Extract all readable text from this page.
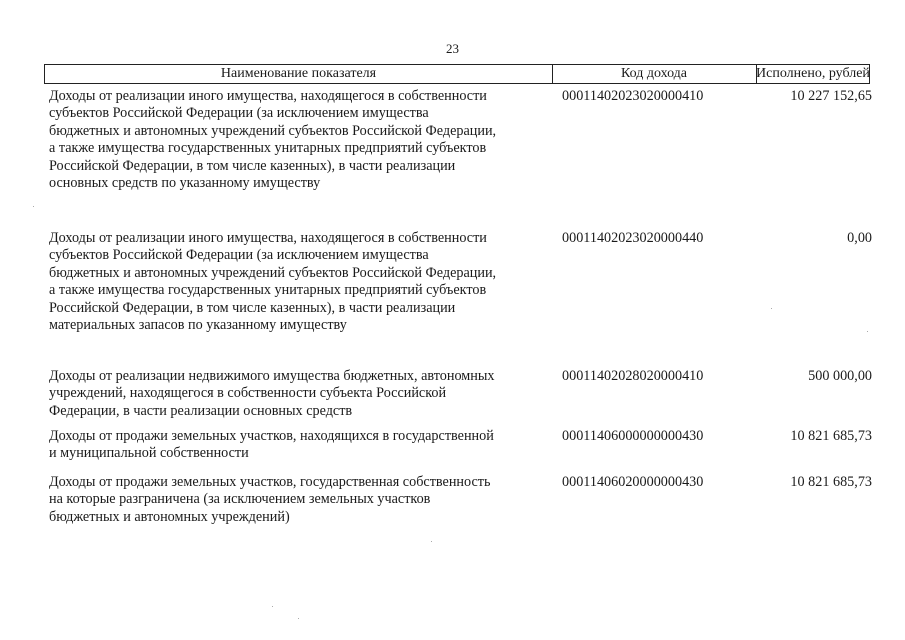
23
Наименование показателя	Код дохода	Исполнено, рублей
Доходы от реализации иного имущества, находящегося в собственности
субъектов Российской Федерации (за исключением имущества
бюджетных и автономных учреждений субъектов Российской Федерации,
а также имущества государственных унитарных предприятий субъектов
Российской Федерации, в том числе казенных), в части реализации
основных средств по указанному имуществу
00011402023020000410	10 227 152,65
Доходы от реализации иного имущества, находящегося в собственности
субъектов Российской Федерации (за исключением имущества
бюджетных и автономных учреждений субъектов Российской Федерации,
а также имущества государственных унитарных предприятий субъектов
Российской Федерации, в том числе казенных), в части реализации
материальных запасов по указанному имуществу
00011402023020000440	0,00
Доходы от реализации недвижимого имущества бюджетных, автономных
учреждений, находящегося в собственности субъекта Российской
Федерации, в части реализации основных средств
00011402028020000410	500 000,00
Доходы от продажи земельных участков, находящихся в государственной
и муниципальной собственности
00011406000000000430	10 821 685,73
Доходы от продажи земельных участков, государственная собственность
на которые разграничена (за исключением земельных участков
бюджетных и автономных учреждений)
00011406020000000430	10 821 685,73
